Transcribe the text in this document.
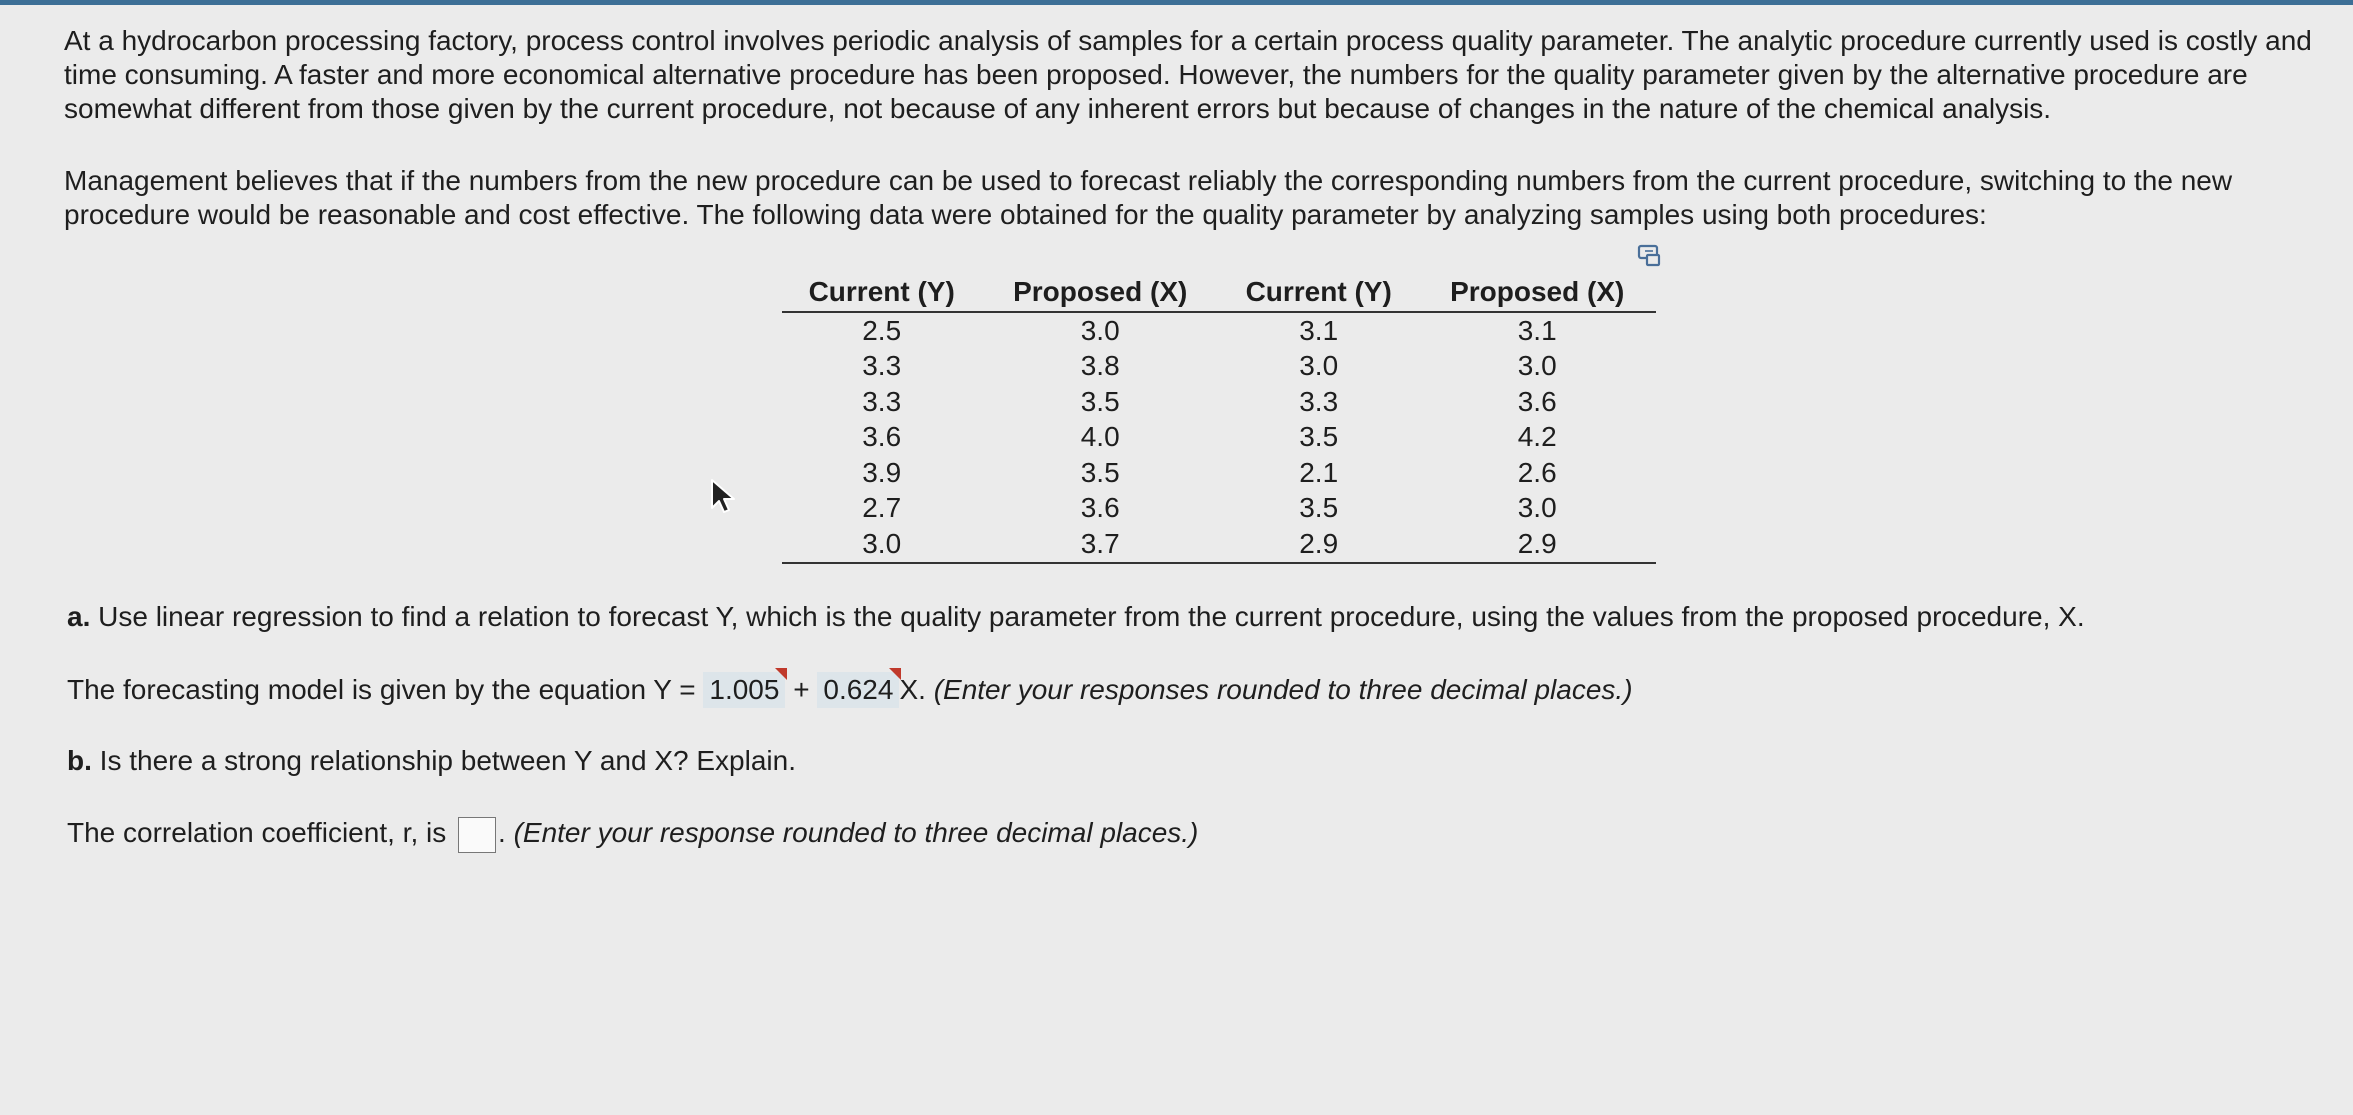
At a hydrocarbon processing factory, process control involves periodic analysis of samples for a certain process quality parameter. The analytic procedure currently used is costly and time consuming. A faster and more economical alternative procedure has been proposed. However, the numbers for the quality parameter given by the alternative procedure are somewhat different from those given by the current procedure, not because of any inherent errors but because of changes in the nature of the chemical analysis.

Management believes that if the numbers from the new procedure can be used to forecast reliably the corresponding numbers from the current procedure, switching to the new procedure would be reasonable and cost effective. The following data were obtained for the quality parameter by analyzing samples using both procedures:

Current (Y)	Proposed (X)	Current (Y)	Proposed (X)
2.5	3.0	3.1	3.1
3.3	3.8	3.0	3.0
3.3	3.5	3.3	3.6
3.6	4.0	3.5	4.2
3.9	3.5	2.1	2.6
2.7	3.6	3.5	3.0
3.0	3.7	2.9	2.9
a. Use linear regression to find a relation to forecast Y, which is the quality parameter from the current procedure, using the values from the proposed procedure, X.
The forecasting model is given by the equation Y = 1.005 + 0.624 X. (Enter your responses rounded to three decimal places.)
b. Is there a strong relationship between Y and X? Explain.
The correlation coefficient, r, is . (Enter your response rounded to three decimal places.)
